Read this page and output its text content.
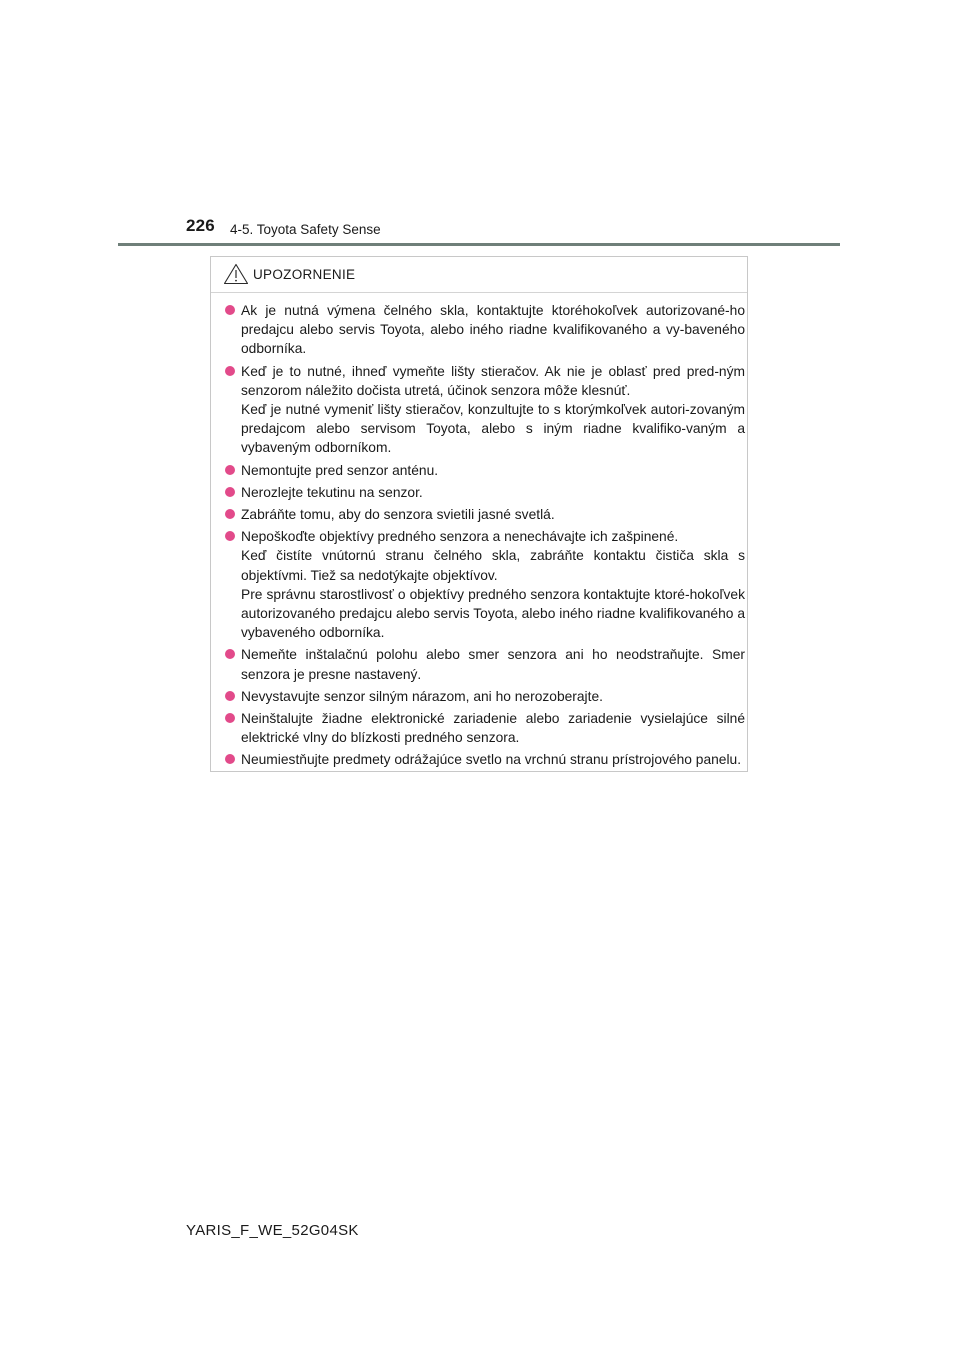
226 4-5. Toyota Safety Sense
UPOZORNENIE
Ak je nutná výmena čelného skla, kontaktujte ktoréhokoľvek autorizované-ho predajcu alebo servis Toyota, alebo iného riadne kvalifikovaného a vy-baveného odborníka.
Keď je to nutné, ihneď vymeňte lišty stieračov. Ak nie je oblasť pred pred-ným senzorom náležito dočista utretá, účinok senzora môže klesnúť.
Keď je nutné vymeniť lišty stieračov, konzultujte to s ktorýmkoľvek autori-zovaným predajcom alebo servisom Toyota, alebo s iným riadne kvalifiko-vaným a vybaveným odborníkom.
Nemontujte pred senzor anténu.
Nerozlejte tekutinu na senzor.
Zabráňte tomu, aby do senzora svietili jasné svetlá.
Nepoškoďte objektívy predného senzora a nenechávajte ich zašpinené.
Keď čistíte vnútornú stranu čelného skla, zabráňte kontaktu čističa skla s objektívmi. Tiež sa nedotýkajte objektívov.
Pre správnu starostlivosť o objektívy predného senzora kontaktujte ktoré-hokoľvek autorizovaného predajcu alebo servis Toyota, alebo iného riadne kvalifikovaného a vybaveného odborníka.
Nemeňte inštalačnú polohu alebo smer senzora ani ho neodstraňujte. Smer senzora je presne nastavený.
Nevystavujte senzor silným nárazom, ani ho nerozoberajte.
Neinštalujte žiadne elektronické zariadenie alebo zariadenie vysielajúce silné elektrické vlny do blízkosti predného senzora.
Neumiestňujte predmety odrážajúce svetlo na vrchnú stranu prístrojového panelu.
YARIS_F_WE_52G04SK
